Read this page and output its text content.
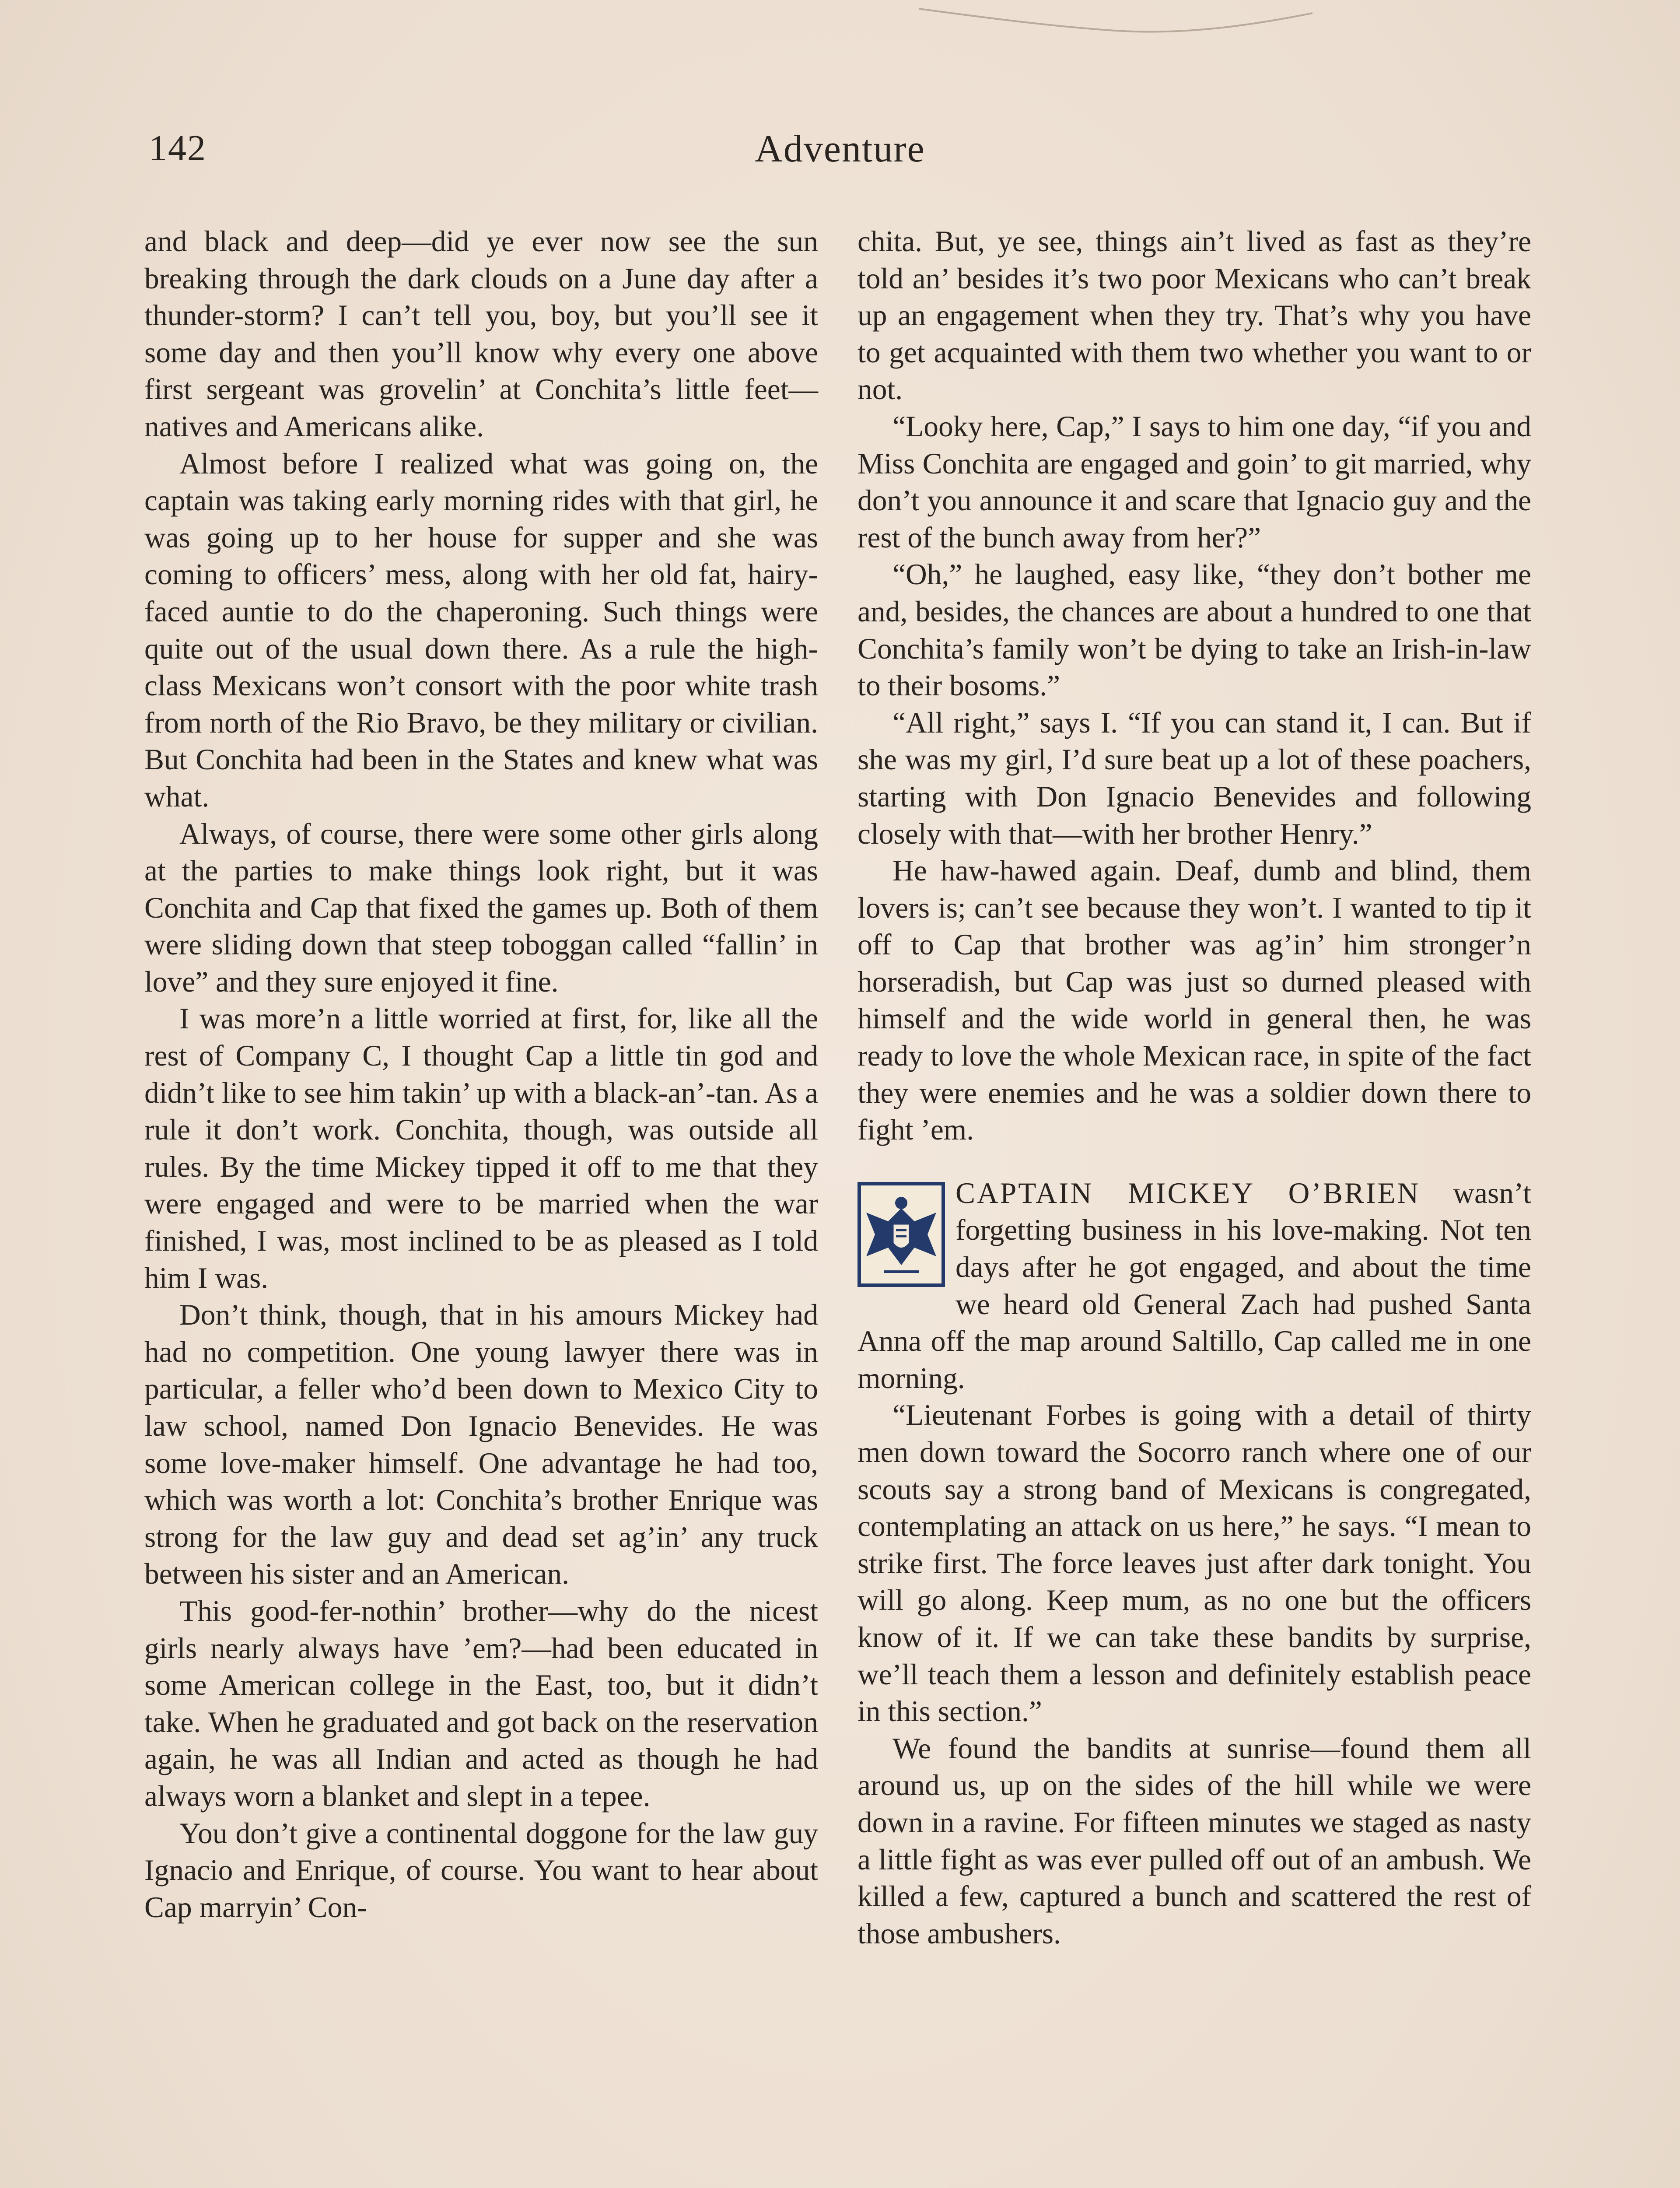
142	Adventure

and black and deep—did ye ever now see the sun breaking through the dark clouds on a June day after a thunder-storm? I can’t tell you, boy, but you’ll see it some day and then you’ll know why every one above first sergeant was grovelin’ at Conchita’s little feet—natives and Americans alike.

Almost before I realized what was going on, the captain was taking early morning rides with that girl, he was going up to her house for supper and she was coming to officers’ mess, along with her old fat, hairy-faced auntie to do the chaperoning. Such things were quite out of the usual down there. As a rule the high-class Mexicans won’t consort with the poor white trash from north of the Rio Bravo, be they military or civilian. But Conchita had been in the States and knew what was what.

Always, of course, there were some other girls along at the parties to make things look right, but it was Conchita and Cap that fixed the games up. Both of them were sliding down that steep toboggan called “fallin’ in love” and they sure enjoyed it fine.

I was more’n a little worried at first, for, like all the rest of Company C, I thought Cap a little tin god and didn’t like to see him takin’ up with a black-an’-tan. As a rule it don’t work. Conchita, though, was outside all rules. By the time Mickey tipped it off to me that they were engaged and were to be married when the war finished, I was, most inclined to be as pleased as I told him I was.

Don’t think, though, that in his amours Mickey had had no competition. One young lawyer there was in particular, a feller who’d been down to Mexico City to law school, named Don Ignacio Benevides. He was some love-maker himself. One advantage he had too, which was worth a lot: Conchita’s brother Enrique was strong for the law guy and dead set ag’in’ any truck between his sister and an American.

This good-fer-nothin’ brother—why do the nicest girls nearly always have ’em?—had been educated in some American college in the East, too, but it didn’t take. When he graduated and got back on the reservation again, he was all Indian and acted as though he had always worn a blanket and slept in a tepee.

You don’t give a continental doggone for the law guy Ignacio and Enrique, of course. You want to hear about Cap marryin’ Con-

chita. But, ye see, things ain’t lived as fast as they’re told an’ besides it’s two poor Mexicans who can’t break up an engagement when they try. That’s why you have to get acquainted with them two whether you want to or not.

“Looky here, Cap,” I says to him one day, “if you and Miss Conchita are engaged and goin’ to git married, why don’t you announce it and scare that Ignacio guy and the rest of the bunch away from her?”

“Oh,” he laughed, easy like, “they don’t bother me and, besides, the chances are about a hundred to one that Conchita’s family won’t be dying to take an Irish-in-law to their bosoms.”

“All right,” says I. “If you can stand it, I can. But if she was my girl, I’d sure beat up a lot of these poachers, starting with Don Ignacio Benevides and following closely with that—with her brother Henry.”

He haw-hawed again. Deaf, dumb and blind, them lovers is; can’t see because they won’t. I wanted to tip it off to Cap that brother was ag’in’ him stronger’n horseradish, but Cap was just so durned pleased with himself and the wide world in general then, he was ready to love the whole Mexican race, in spite of the fact they were enemies and he was a soldier down there to fight ’em.

CAPTAIN MICKEY O’BRIEN wasn’t forgetting business in his love-making. Not ten days after he got engaged, and about the time we heard old General Zach had pushed Santa Anna off the map around Saltillo, Cap called me in one morning.

“Lieutenant Forbes is going with a detail of thirty men down toward the Socorro ranch where one of our scouts say a strong band of Mexicans is congregated, contemplating an attack on us here,” he says. “I mean to strike first. The force leaves just after dark tonight. You will go along. Keep mum, as no one but the officers know of it. If we can take these bandits by surprise, we’ll teach them a lesson and definitely establish peace in this section.”

We found the bandits at sunrise—found them all around us, up on the sides of the hill while we were down in a ravine. For fifteen minutes we staged as nasty a little fight as was ever pulled off out of an ambush. We killed a few, captured a bunch and scattered the rest of those ambushers.
